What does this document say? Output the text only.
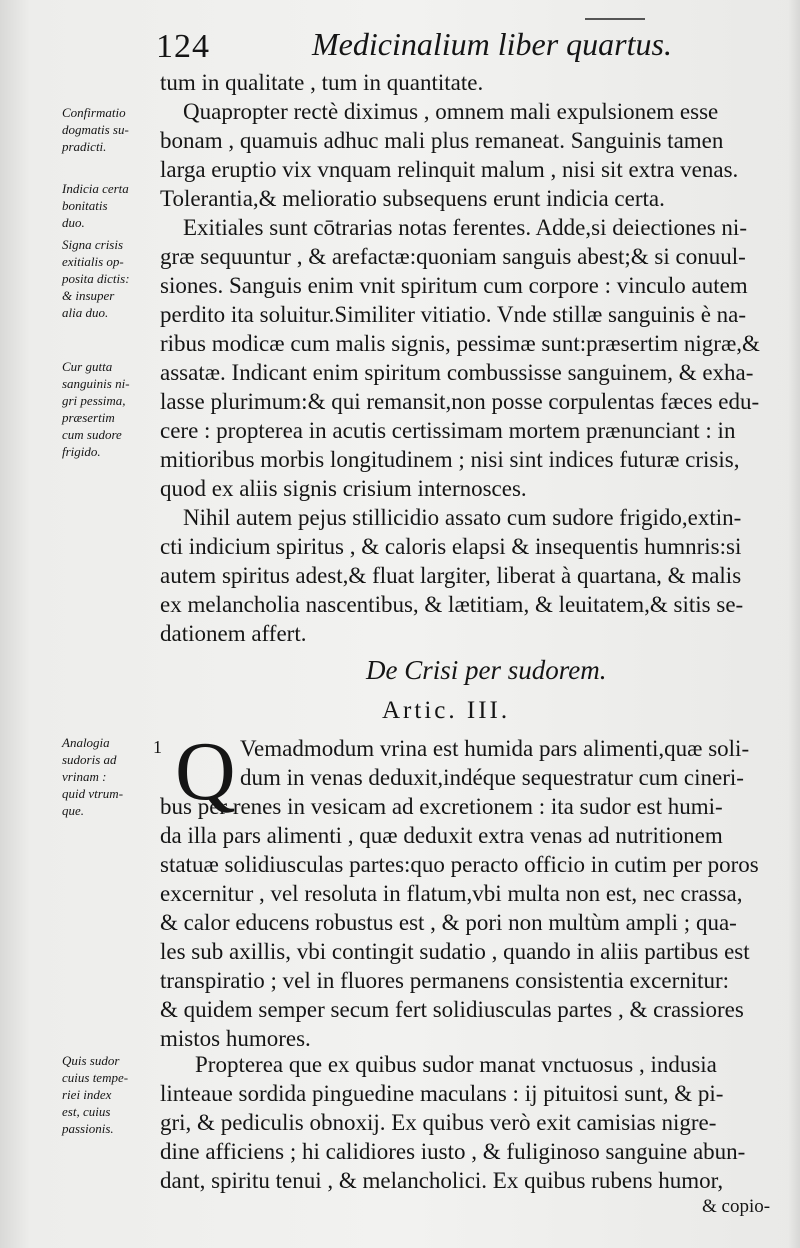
124	Medicinalium liber quartus.
tum in qualitate , tum in quantitate.
Quapropter rectè diximus , omnem mali expulsionem esse
bonam , quamuis adhuc mali plus remaneat. Sanguinis tamen
larga eruptio vix vnquam relinquit malum , nisi sit extra venas.
Tolerantia,& melioratio subsequens erunt indicia certa.
Exitiales sunt cōtrarias notas ferentes. Adde,si deiectiones ni-
græ sequuntur , & arefactæ:quoniam sanguis abest;& si conuul-
siones. Sanguis enim vnit spiritum cum corpore : vinculo autem
perdito ita soluitur.Similiter vitiatio. Vnde stillæ sanguinis è na-
ribus modicæ cum malis signis, pessimæ sunt:præsertim nigræ,&
assatæ. Indicant enim spiritum combussisse sanguinem, & exha-
lasse plurimum:& qui remansit,non posse corpulentas fæces edu-
cere : propterea in acutis certissimam mortem prænunciant : in
mitioribus morbis longitudinem ; nisi sint indices futuræ crisis,
quod ex aliis signis crisium internosces.
Nihil autem pejus stillicidio assato cum sudore frigido,extin-
cti indicium spiritus , & caloris elapsi & insequentis humnris:si
autem spiritus adest,& fluat largiter, liberat à quartana, & malis
ex melancholia nascentibus, & lætitiam, & leuitatem,& sitis se-
dationem affert.
De Crisi per sudorem.
Artic. III.
1 Q Vemadmodum vrina est humida pars alimenti,quæ soli-
dum in venas deduxit,indéque sequestratur cum cineri-
bus per renes in vesicam ad excretionem : ita sudor est humi-
da illa pars alimenti , quæ deduxit extra venas ad nutritionem
statuæ solidiusculas partes:quo peracto officio in cutim per poros
excernitur , vel resoluta in flatum,vbi multa non est, nec crassa,
& calor educens robustus est , & pori non multùm ampli ; qua-
les sub axillis, vbi contingit sudatio , quando in aliis partibus est
transpiratio ; vel in fluores permanens consistentia excernitur:
& quidem semper secum fert solidiusculas partes , & crassiores
mistos humores.
Propterea que ex quibus sudor manat vnctuosus , indusia
linteaue sordida pinguedine maculans : ij pituitosi sunt, & pi-
gri, & pediculis obnoxij. Ex quibus verò exit camisias nigre-
dine afficiens ; hi calidiores iusto , & fuliginoso sanguine abun-
dant, spiritu tenui , & melancholici. Ex quibus rubens humor,
& copio-
Confirmatio
dogmatis su-
pradicti.
Indicia certa
bonitatis
duo.
Signa crisis
exitialis op-
posita dictis:
& insuper
alia duo.
Cur gutta
sanguinis ni-
gri pessima,
præsertim
cum sudore
frigido.
Analogia
sudoris ad
vrinam :
quid vtrum-
que.
Quis sudor
cuius tempe-
riei index
est, cuius
passionis.
